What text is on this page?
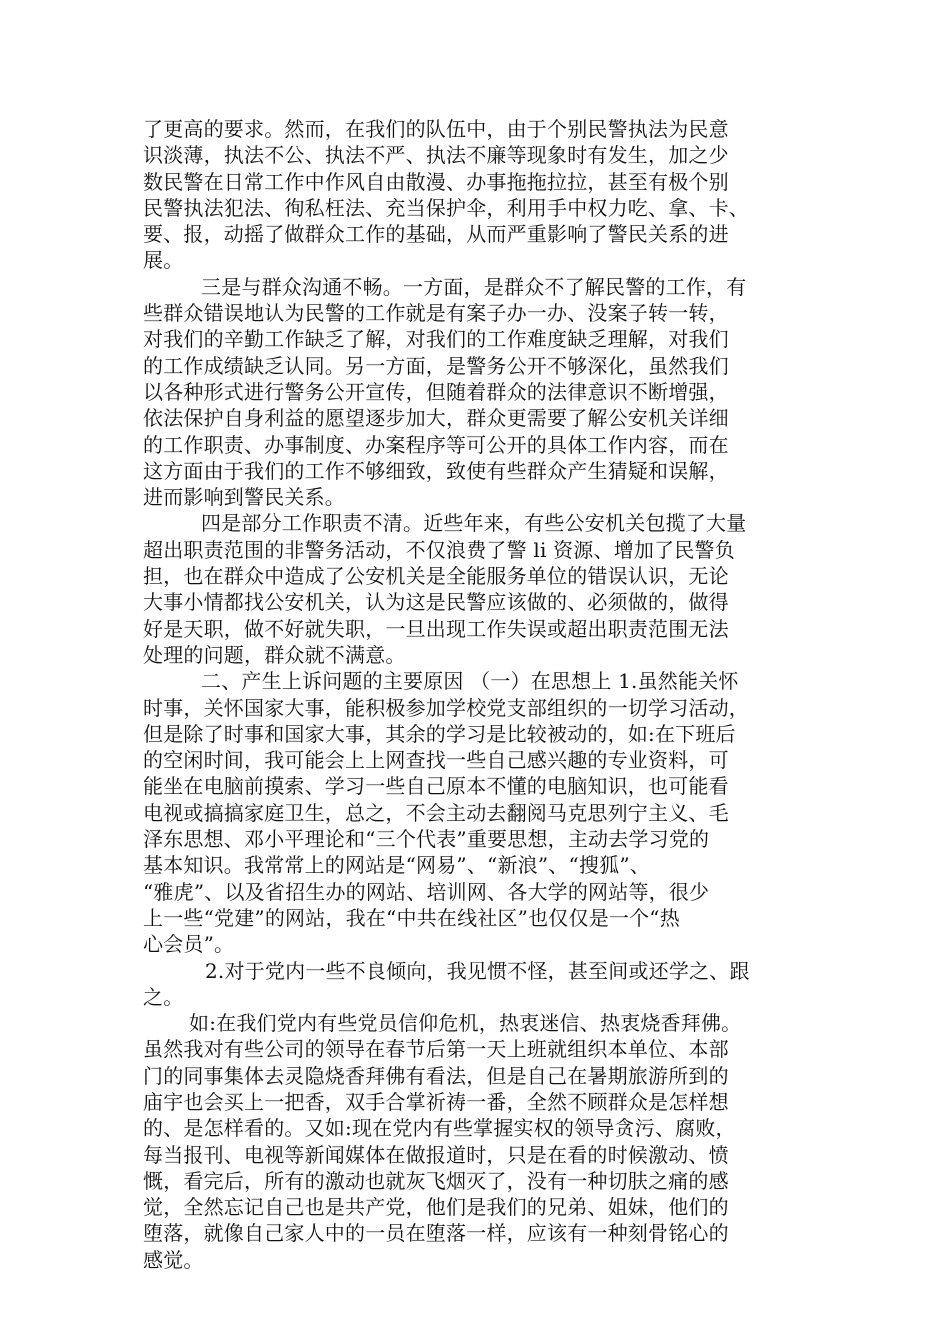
了更高的要求。然而，在我们的队伍中，由于个别民警执法为民意
识淡薄，执法不公、执法不严、执法不廉等现象时有发生，加之少
数民警在日常工作中作风自由散漫、办事拖拖拉拉，甚至有极个别
民警执法犯法、徇私枉法、充当保护伞，利用手中权力吃、拿、卡、
要、报，动摇了做群众工作的基础，从而严重影响了警民关系的进
展。
三是与群众沟通不畅。一方面，是群众不了解民警的工作，有
些群众错误地认为民警的工作就是有案子办一办、没案子转一转，
对我们的辛勤工作缺乏了解，对我们的工作难度缺乏理解，对我们
的工作成绩缺乏认同。另一方面，是警务公开不够深化，虽然我们
以各种形式进行警务公开宣传，但随着群众的法律意识不断增强，
依法保护自身利益的愿望逐步加大，群众更需要了解公安机关详细
的工作职责、办事制度、办案程序等可公开的具体工作内容，而在
这方面由于我们的工作不够细致，致使有些群众产生猜疑和误解，
进而影响到警民关系。
四是部分工作职责不清。近些年来，有些公安机关包揽了大量
超出职责范围的非警务活动，不仅浪费了警 li 资源、增加了民警负
担，也在群众中造成了公安机关是全能服务单位的错误认识，无论
大事小情都找公安机关，认为这是民警应该做的、必须做的，做得
好是天职，做不好就失职，一旦出现工作失误或超出职责范围无法
处理的问题，群众就不满意。
二、产生上诉问题的主要原因 （一）在思想上 1.虽然能关怀
时事，关怀国家大事，能积极参加学校党支部组织的一切学习活动，
但是除了时事和国家大事，其余的学习是比较被动的，如:在下班后
的空闲时间，我可能会上上网查找一些自己感兴趣的专业资料，可
能坐在电脑前摸索、学习一些自己原本不懂的电脑知识，也可能看
电视或搞搞家庭卫生，总之，不会主动去翻阅马克思列宁主义、毛
泽东思想、邓小平理论和“三个代表”重要思想，主动去学习党的
基本知识。我常常上的网站是“网易”、“新浪”、“搜狐”、
“雅虎”、以及省招生办的网站、培训网、各大学的网站等，很少
上一些“党建”的网站，我在“中共在线社区”也仅仅是一个“热
心会员”。
2.对于党内一些不良倾向，我见惯不怪，甚至间或还学之、跟
之。
如:在我们党内有些党员信仰危机，热衷迷信、热衷烧香拜佛。
虽然我对有些公司的领导在春节后第一天上班就组织本单位、本部
门的同事集体去灵隐烧香拜佛有看法，但是自己在暑期旅游所到的
庙宇也会买上一把香，双手合掌祈祷一番，全然不顾群众是怎样想
的、是怎样看的。又如:现在党内有些掌握实权的领导贪污、腐败，
每当报刊、电视等新闻媒体在做报道时，只是在看的时候激动、愤
慨，看完后，所有的激动也就灰飞烟灭了，没有一种切肤之痛的感
觉，全然忘记自己也是共产党，他们是我们的兄弟、姐妹，他们的
堕落，就像自己家人中的一员在堕落一样，应该有一种刻骨铭心的
感觉。
